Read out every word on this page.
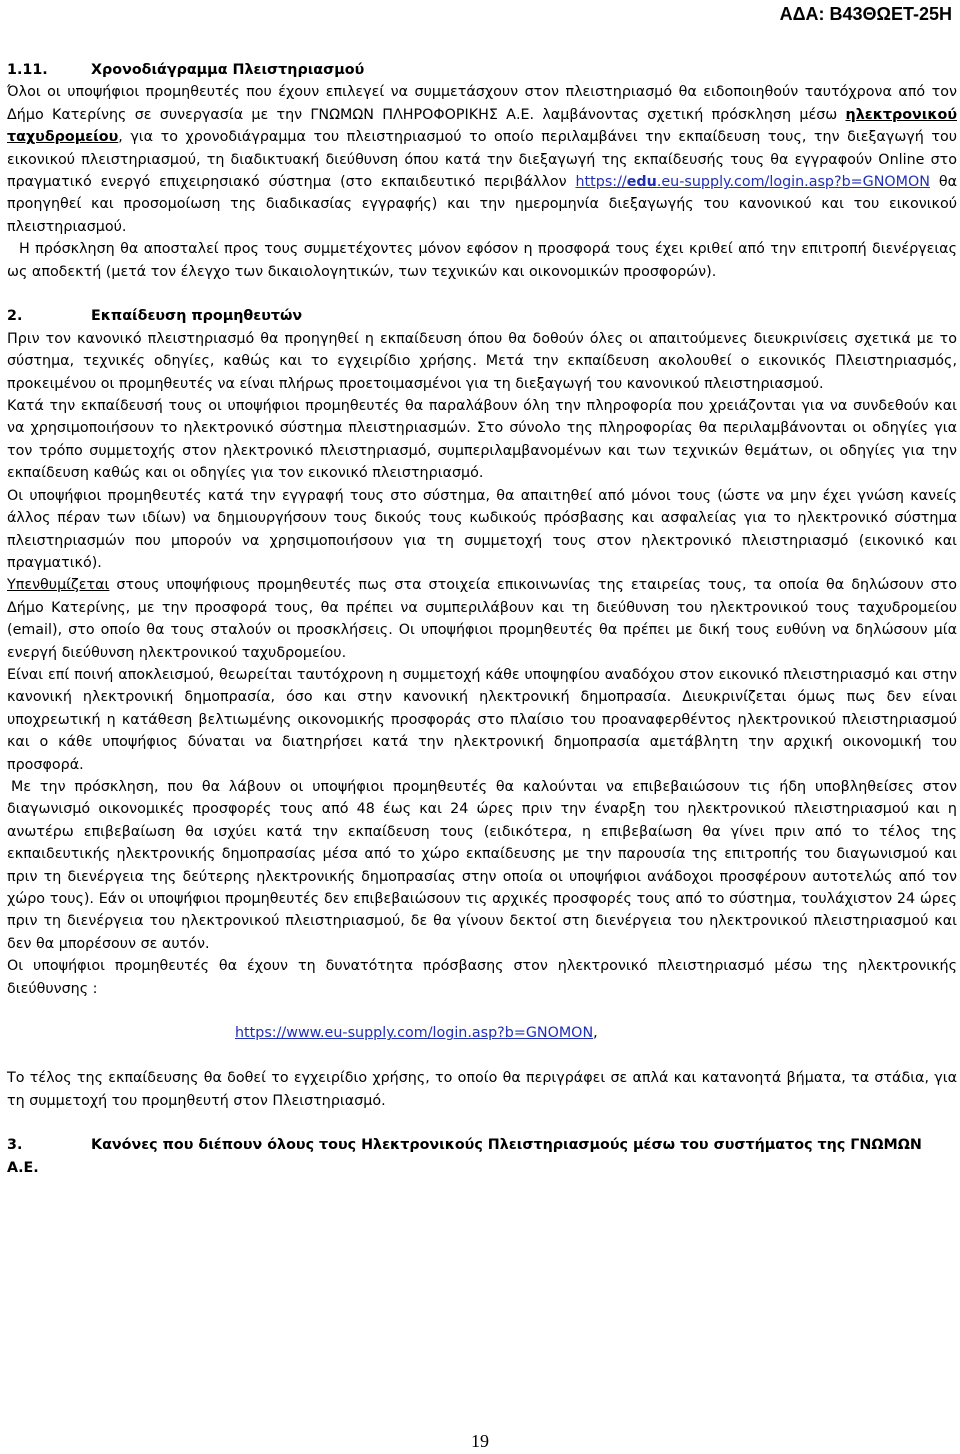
ΑΔΑ: Β43ΘΩΕΤ-25Η

1.11.	Χρονοδιάγραμμα Πλειστηριασμού

Όλοι οι υποψήφιοι προμηθευτές που έχουν επιλεγεί να συμμετάσχουν στον πλειστηριασμό θα ειδοποιηθούν ταυτόχρονα από τον Δήμο Κατερίνης σε συνεργασία με την ΓΝΩΜΩΝ ΠΛΗΡΟΦΟΡΙΚΗΣ Α.Ε. λαμβάνοντας σχετική πρόσκληση μέσω ηλεκτρονικού ταχυδρομείου, για το χρονοδιάγραμμα του πλειστηριασμού το οποίο περιλαμβάνει την εκπαίδευση τους, την διεξαγωγή του εικονικού πλειστηριασμού, τη διαδικτυακή διεύθυνση όπου κατά την διεξαγωγή της εκπαίδευσής τους θα εγγραφούν Online στο πραγματικό ενεργό επιχειρησιακό σύστημα (στο εκπαιδευτικό περιβάλλον https://edu.eu-supply.com/login.asp?b=GNOMON θα προηγηθεί και προσομοίωση της διαδικασίας εγγραφής) και την ημερομηνία διεξαγωγής του κανονικού και του εικονικού πλειστηριασμού.

Η πρόσκληση θα αποσταλεί προς τους συμμετέχοντες μόνον εφόσον η προσφορά τους έχει κριθεί από την επιτροπή διενέργειας ως αποδεκτή (μετά τον έλεγχο των δικαιολογητικών, των τεχνικών και οικονομικών προσφορών).

2.	Εκπαίδευση προμηθευτών

Πριν τον κανονικό πλειστηριασμό θα προηγηθεί η εκπαίδευση όπου θα δοθούν όλες οι απαιτούμενες διευκρινίσεις σχετικά με το σύστημα, τεχνικές οδηγίες, καθώς και το εγχειρίδιο χρήσης. Μετά την εκπαίδευση ακολουθεί ο εικονικός Πλειστηριασμός, προκειμένου οι προμηθευτές να είναι πλήρως προετοιμασμένοι για τη διεξαγωγή του κανονικού πλειστηριασμού.

Κατά την εκπαίδευσή τους οι υποψήφιοι προμηθευτές θα παραλάβουν όλη την πληροφορία που χρειάζονται για να συνδεθούν και να χρησιμοποιήσουν το ηλεκτρονικό σύστημα πλειστηριασμών. Στο σύνολο της πληροφορίας θα περιλαμβάνονται οι οδηγίες για τον τρόπο συμμετοχής στον ηλεκτρονικό πλειστηριασμό, συμπεριλαμβανομένων και των τεχνικών θεμάτων, οι οδηγίες για την εκπαίδευση καθώς και οι οδηγίες για τον εικονικό πλειστηριασμό.

Οι υποψήφιοι προμηθευτές κατά την εγγραφή τους στο σύστημα, θα απαιτηθεί από μόνοι τους (ώστε να μην έχει γνώση κανείς άλλος πέραν των ιδίων) να δημιουργήσουν τους δικούς τους κωδικούς πρόσβασης και ασφαλείας για το ηλεκτρονικό σύστημα πλειστηριασμών που μπορούν να χρησιμοποιήσουν για τη συμμετοχή τους στον ηλεκτρονικό πλειστηριασμό (εικονικό και πραγματικό).

Υπενθυμίζεται στους υποψήφιους προμηθευτές πως στα στοιχεία επικοινωνίας της εταιρείας τους, τα οποία θα δηλώσουν στο Δήμο Κατερίνης, με την προσφορά τους, θα πρέπει να συμπεριλάβουν και τη διεύθυνση του ηλεκτρονικού τους ταχυδρομείου (email), στο οποίο θα τους σταλούν οι προσκλήσεις. Οι υποψήφιοι προμηθευτές θα πρέπει με δική τους ευθύνη να δηλώσουν μία ενεργή διεύθυνση ηλεκτρονικού ταχυδρομείου.

Είναι επί ποινή αποκλεισμού, θεωρείται ταυτόχρονη η συμμετοχή κάθε υποψηφίου αναδόχου στον εικονικό πλειστηριασμό και στην κανονική ηλεκτρονική δημοπρασία, όσο και στην κανονική ηλεκτρονική δημοπρασία. Διευκρινίζεται όμως πως δεν είναι υποχρεωτική η κατάθεση βελτιωμένης οικονομικής προσφοράς στο πλαίσιο του προαναφερθέντος ηλεκτρονικού πλειστηριασμού και ο κάθε υποψήφιος δύναται να διατηρήσει κατά την ηλεκτρονική δημοπρασία αμετάβλητη την αρχική οικονομική του προσφορά.

Με την πρόσκληση, που θα λάβουν οι υποψήφιοι προμηθευτές θα καλούνται να επιβεβαιώσουν τις ήδη υποβληθείσες στον διαγωνισμό οικονομικές προσφορές τους από 48 έως και 24 ώρες πριν την έναρξη του ηλεκτρονικού πλειστηριασμού και η ανωτέρω επιβεβαίωση θα ισχύει κατά την εκπαίδευση τους (ειδικότερα, η επιβεβαίωση θα γίνει πριν από το τέλος της εκπαιδευτικής ηλεκτρονικής δημοπρασίας μέσα από το χώρο εκπαίδευσης με την παρουσία της επιτροπής του διαγωνισμού και πριν τη διενέργεια της δεύτερης ηλεκτρονικής δημοπρασίας στην οποία οι υποψήφιοι ανάδοχοι προσφέρουν αυτοτελώς από τον χώρο τους). Εάν οι υποψήφιοι προμηθευτές δεν επιβεβαιώσουν τις αρχικές προσφορές τους από το σύστημα, τουλάχιστον 24 ώρες πριν τη διενέργεια του ηλεκτρονικού πλειστηριασμού, δε θα γίνουν δεκτοί στη διενέργεια του ηλεκτρονικού πλειστηριασμού και δεν θα μπορέσουν σε αυτόν.

Οι υποψήφιοι προμηθευτές θα έχουν τη δυνατότητα πρόσβασης στον ηλεκτρονικό πλειστηριασμό μέσω της ηλεκτρονικής διεύθυνσης :

https://www.eu-supply.com/login.asp?b=GNOMON,

Το τέλος της εκπαίδευσης θα δοθεί το εγχειρίδιο χρήσης, το οποίο θα περιγράφει σε απλά και κατανοητά βήματα, τα στάδια, για τη συμμετοχή του προμηθευτή στον Πλειστηριασμό.

3.	Κανόνες που διέπουν όλους τους Ηλεκτρονικούς Πλειστηριασμούς μέσω του συστήματος της ΓΝΩΜΩΝ Α.Ε.

19
